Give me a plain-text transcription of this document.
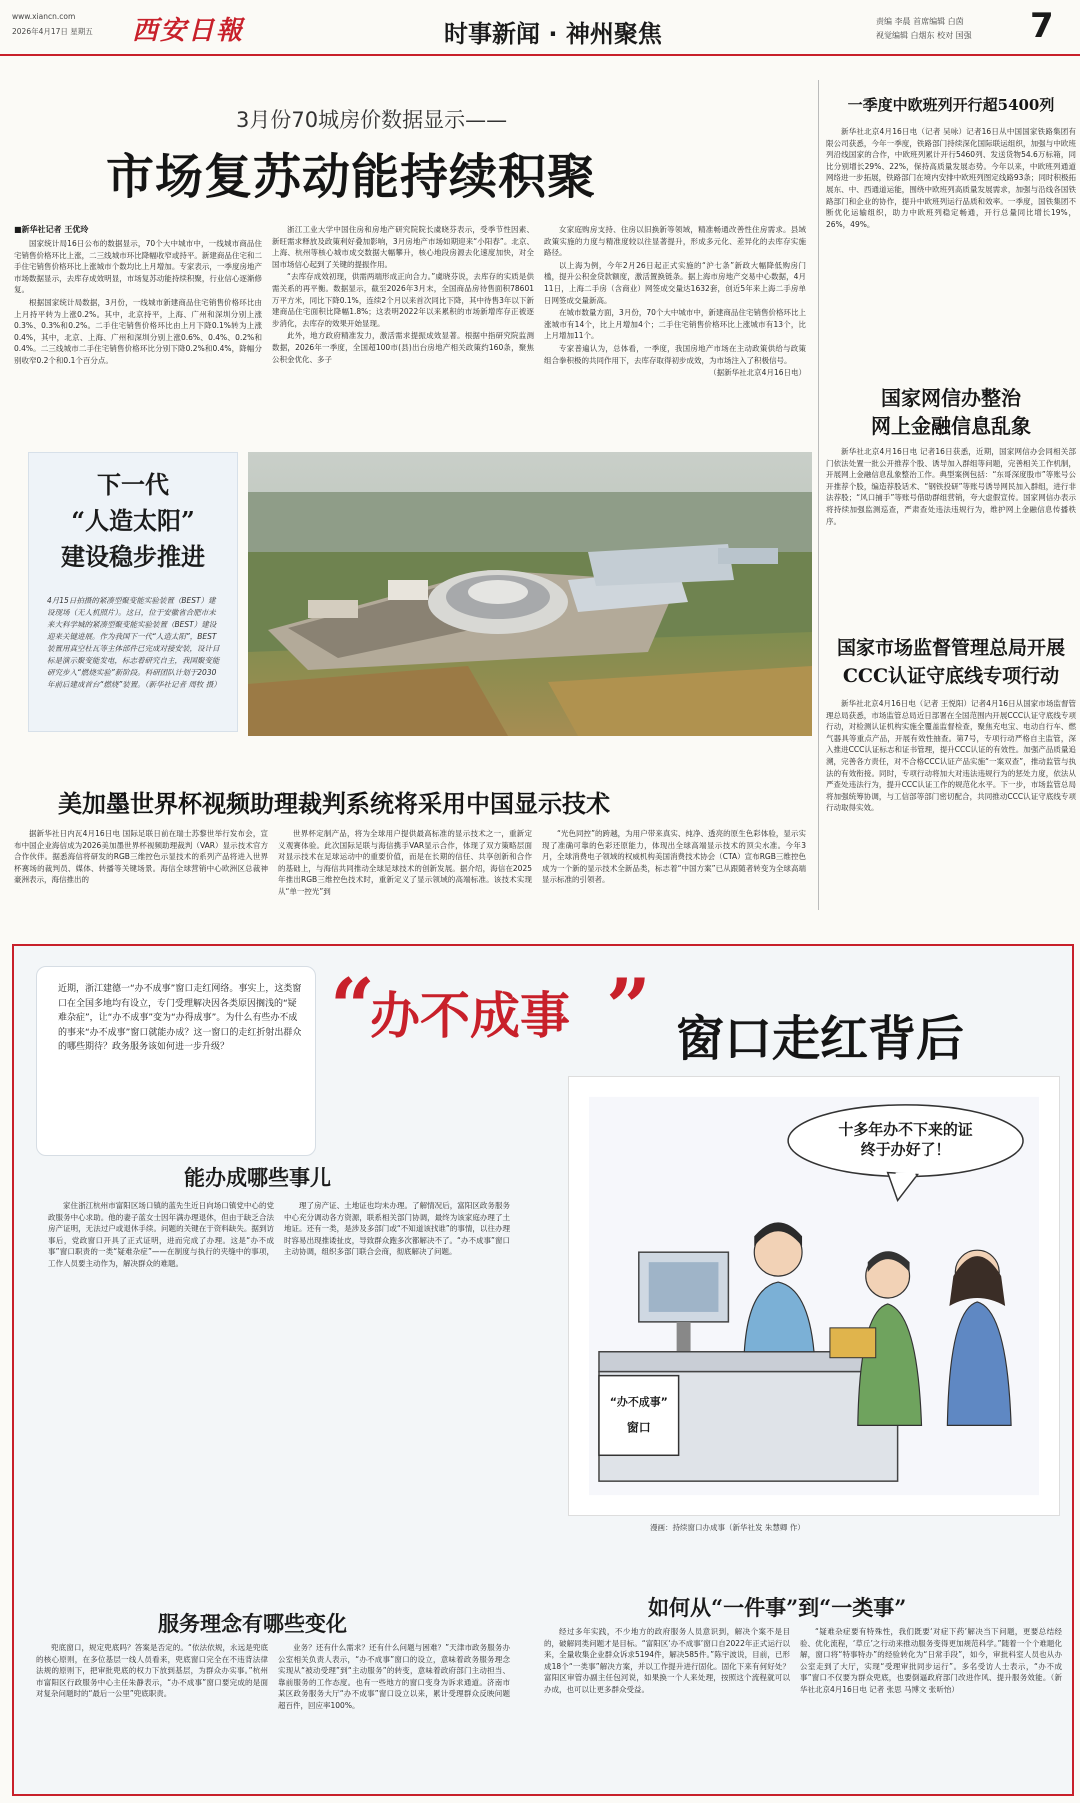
www.xiancn.com
2026年4月17日 星期五 西安日報	时事新闻 · 神州聚焦	责编 李晨 首席编辑 白茵
视觉编辑 白烟东 校对 国强 7
3月份70城房价数据显示——
市场复苏动能持续积聚
■新华社记者 王优玲

国家统计局16日公布的数据显示，70个大中城市中，一线城市商品住宅销售价格环比上涨，二三线城市环比降幅收窄或持平。新建商品住宅和二手住宅销售价格环比上涨城市个数均比上月增加。专家表示，一季度房地产市场数据显示，去库存成效明显，市场复苏动能持续积聚，行业信心逐渐修复。

根据国家统计局数据，3月份，一线城市新建商品住宅销售价格环比由上月持平转为上涨0.2%。其中，北京持平，上海、广州和深圳分别上涨0.3%、0.3%和0.2%。二手住宅销售价格环比由上月下降0.1%转为上涨0.4%，其中，北京、上海、广州和深圳分别上涨0.6%、0.4%、0.2%和0.4%。二三线城市二手住宅销售价格环比分别下降0.2%和0.4%，降幅分别收窄0.2个和0.1个百分点。

浙江工业大学中国住房和房地产研究院院长虞晓芬表示，受季节性因素、新旺需求释放及政策利好叠加影响，3月房地产市场如期迎来“小阳春”。北京、上海、杭州等核心城市成交数据大幅攀升，核心地段房源去化速度加快，对全国市场信心起到了关键的提振作用。

“去库存成效初现，供需两端形成正向合力。”虞晓芬说，去库存的实质是供需关系的再平衡。数据显示，截至2026年3月末，全国商品房待售面积78601万平方米，同比下降0.1%，连续2个月以来首次同比下降，其中待售3年以下新建商品住宅面积比降幅1.8%；这表明2022年以来累积的市场新增库存正被逐步消化，去库存的效果开始显现。

此外，地方政府精准发力，激活需求提振成效显著。根据中指研究院监测数据，2026年一季度，全国超100市(县)出台房地产相关政策约160条，聚焦公积金优化、多子

女家庭购房支持、住房以旧换新等领域，精准畅通改善性住房需求。县域政策实施的力度与精准度较以往显著提升，形成多元化、差异化的去库存实施路径。

以上海为例，今年2月26日起正式实施的“沪七条”新政大幅降低购房门槛，提升公积金贷款额度，激活置换链条。据上海市房地产交易中心数据，4月11日，上海二手房（含商业）网签成交量达1632套，创近5年来上海二手房单日网签成交量新高。

在城市数量方面，3月份，70个大中城市中，新建商品住宅销售价格环比上涨城市有14个，比上月增加4个；二手住宅销售价格环比上涨城市有13个，比上月增加11个。

专家普遍认为，总体看，一季度，我国房地产市场在主动政策供给与政策组合拳积极的共同作用下，去库存取得初步成效，为市场注入了积极信号。

（据新华社北京4月16日电）

下一代
“人造太阳”
建设稳步推进
4月15日拍摄的紧凑型聚变能实验装置（BEST）建设现场（无人机照片）。这日，位于安徽省合肥市未来大科学城的紧凑型聚变能实验装置（BEST）建设迎来关键进展。作为我国下一代“人造太阳”，BEST装置用真空杜瓦等主体部件已完成对接安装，设计目标是演示聚变能发电，标志着研究自主，我国聚变能研究步入“燃烧实验”新阶段。科研团队计划于2030年前后建成首台“燃烧”装置。（新华社记者 周牧 摄）
美加墨世界杯视频助理裁判系统将采用中国显示技术
据新华社日内瓦4月16日电 国际足联日前在瑞士苏黎世举行发布会，宣布中国企业海信成为2026美加墨世界杯视频助理裁判（VAR）显示技术官方合作伙伴。据悉海信将研发的RGB三维控色示显技术的系列产品将进入世界杯赛场的裁判员、媒体、转播等关键场景。海信全球营销中心欧洲区总裁神豪洲表示，海信推出的
世界杯定制产品，将为全球用户提供最高标准的显示技术之一，重新定义观赛体验。此次国际足联与海信携手VAR显示合作，体现了双方策略层面对显示技术在足球运动中的重要价值，而是在长期的信任、共享创新和合作的基础上，与海信共同推动全球足球技术的创新发展。据介绍，海信在2025年推出RGB三维控色技术时，重新定义了显示领域的高端标准。该技术实现从“单一控光”到
“光色同控”的跨越，为用户带来真实、纯净、透亮的原生色彩体验，显示实现了准确可靠的色彩还原能力，体现出全球高端显示技术的顶尖水准。今年3月，全球消费电子领域的权威机构美国消费技术协会（CTA）宣布RGB三维控色成为一个新的显示技术全新品类，标志着“中国方案”已从跟随者转变为全球高端显示标准的引领者。
一季度中欧班列开行超5400列
新华社北京4月16日电（记者 吴咏）记者16日从中国国家铁路集团有限公司获悉，今年一季度，铁路部门持续深化国际联运组织，加强与中欧班列沿线国家的合作，中欧班列累计开行5460列、发送货物54.6万标箱，同比分别增长29%、22%，保持高质量发展态势。今年以来，中欧班列通道网络进一步拓展，铁路部门在境内安排中欧班列图定线路93条；同时积极拓展东、中、西通道运能，围绕中欧班列高质量发展需求，加强与沿线各国铁路部门和企业的协作，提升中欧班列运行品质和效率。一季度，国铁集团不断优化运输组织，助力中欧班列稳定畅通，开行总量同比增长19%，26%，49%。
国家网信办整治
网上金融信息乱象
新华社北京4月16日电 记者16日获悉，近期，国家网信办会同相关部门依法处置一批公开推荐个股、诱导加入群组等问题，完善相关工作机制，开展网上金融信息乱象整治工作。典型案例包括：“东哥深度股市”等账号公开推荐个股，编造荐股话术、“钢铁投研”等账号诱导网民加入群组，进行非法荐股；“风口捕手”等账号借助群组营销，夸大虚假宣传。国家网信办表示将持续加强监测巡查，严肃查处违法违规行为，维护网上金融信息传播秩序。
国家市场监督管理总局开展
CCC认证守底线专项行动
新华社北京4月16日电（记者 王悦阳）记者4月16日从国家市场监督管理总局获悉，市场监管总局近日部署在全国范围内开展CCC认证守底线专项行动，对检测认证机构实施全覆盖监督检查，聚焦充电宝、电动自行车、燃气器具等重点产品，开展有效性抽查。第7号，专项行动严格自主监管，深入推进CCC认证标志和证书管理，提升CCC认证的有效性。加强产品质量追溯，完善各方责任，对不合格CCC认证产品实施“一案双查”，推动监管与执法的有效衔接。同时，专项行动将加大对违法违规行为的惩处力度，依法从严查处违法行为，提升CCC认证工作的规范化水平。下一步，市场监管总局将加强统筹协调，与工信部等部门密切配合，共同推动CCC认证守底线专项行动取得实效。
近期，浙江建德一“办不成事”窗口走红网络。事实上，这类窗口在全国多地均有设立，专门受理解决因各类原因搁浅的“疑难杂症”，让“办不成事”变为“办得成事”。为什么有些办不成的事来“办不成事”窗口就能办成？这一窗口的走红折射出群众的哪些期待？政务服务该如何进一步升级？	“
办不成事 ” 窗口走红背后
能办成哪些事儿
家住浙江杭州市富阳区场口镇的蓝先生近日向场口镇党中心的党政服务中心求助。他的妻子蓝女士因年满办理退休，但由于缺乏合法房产证明，无法过户或退休手续。问题的关键在于资料缺失。据到访事后，党政窗口开具了正式证明，进而完成了办理。这是“办不成事”窗口职责的一类“疑难杂症”——在制度与执行的夹缝中的事项，工作人员要主动作为，解决群众的难题。
理了房产证、土地证也均未办理。了解情况后，富阳区政务服务中心充分调动各方资源，联系相关部门协调，最终为该家庭办理了土地证。还有一类，是涉及多部门或“不知道该找谁”的事情，以往办理时容易出现推诿扯皮，导致群众跑多次都解决不了。“办不成事”窗口主动协调，组织多部门联合会商，彻底解决了问题。
十多年办不下来的证
终于办好了！
“办不成事”
窗口
漫画：持续窗口办成事（新华社发 朱慧卿 作）
服务理念有哪些变化
兜底窗口，规定兜底吗？答案是否定的。“依法依规，永远是兜底的核心原则，在多位基层一线人员看来，兜底窗口完全在不违背法律法规的原则下，把审批兜底的权力下放到基层，为群众办实事。”杭州市富阳区行政服务中心主任朱静表示，“办不成事”窗口要完成的是面对复杂问题时的“最后一公里”兜底职责。
业务？还有什么需求？还有什么问题与困难？”天津市政务服务办公室相关负责人表示，“办不成事”窗口的设立，意味着政务服务理念实现从“被动受理”到“主动服务”的转变，意味着政府部门主动担当、靠前服务的工作态度。也有一些地方的窗口变身为诉求通道。济南市某区政务服务大厅“办不成事”窗口设立以来，累计受理群众反映问题超百件，回应率100%。
如何从“一件事”到“一类事”
经过多年实践，不少地方的政府服务人员意识到，解决个案不是目的，破解同类问题才是目标。“富阳区‘办不成事’窗口自2022年正式运行以来，全量收集企业群众诉求5194件，解决585件。”陈宇波说，目前，已形成18个“一类事”解决方案，并以工作提升进行固化。固化下来有何好处？富阳区审管办副主任包河说，如果换一个人来处理，按照这个流程就可以办成，也可以让更多群众受益。
“疑难杂症要有特殊性，我们既要‘对症下药’解决当下问题，更要总结经验、优化流程，‘草丘’之行动来推动服务变得更加规范科学。”随着一个个难题化解，窗口将“特事特办”的经验转化为“日常手段”，如今，审批科室人员也从办公室走到了大厅，实现“受理审批同步运行”。多名受访人士表示，“办不成事”窗口不仅要为群众兜底，也要倒逼政府部门改进作风、提升服务效能。（新华社北京4月16日电 记者 张思 马博文 张昕怡）
